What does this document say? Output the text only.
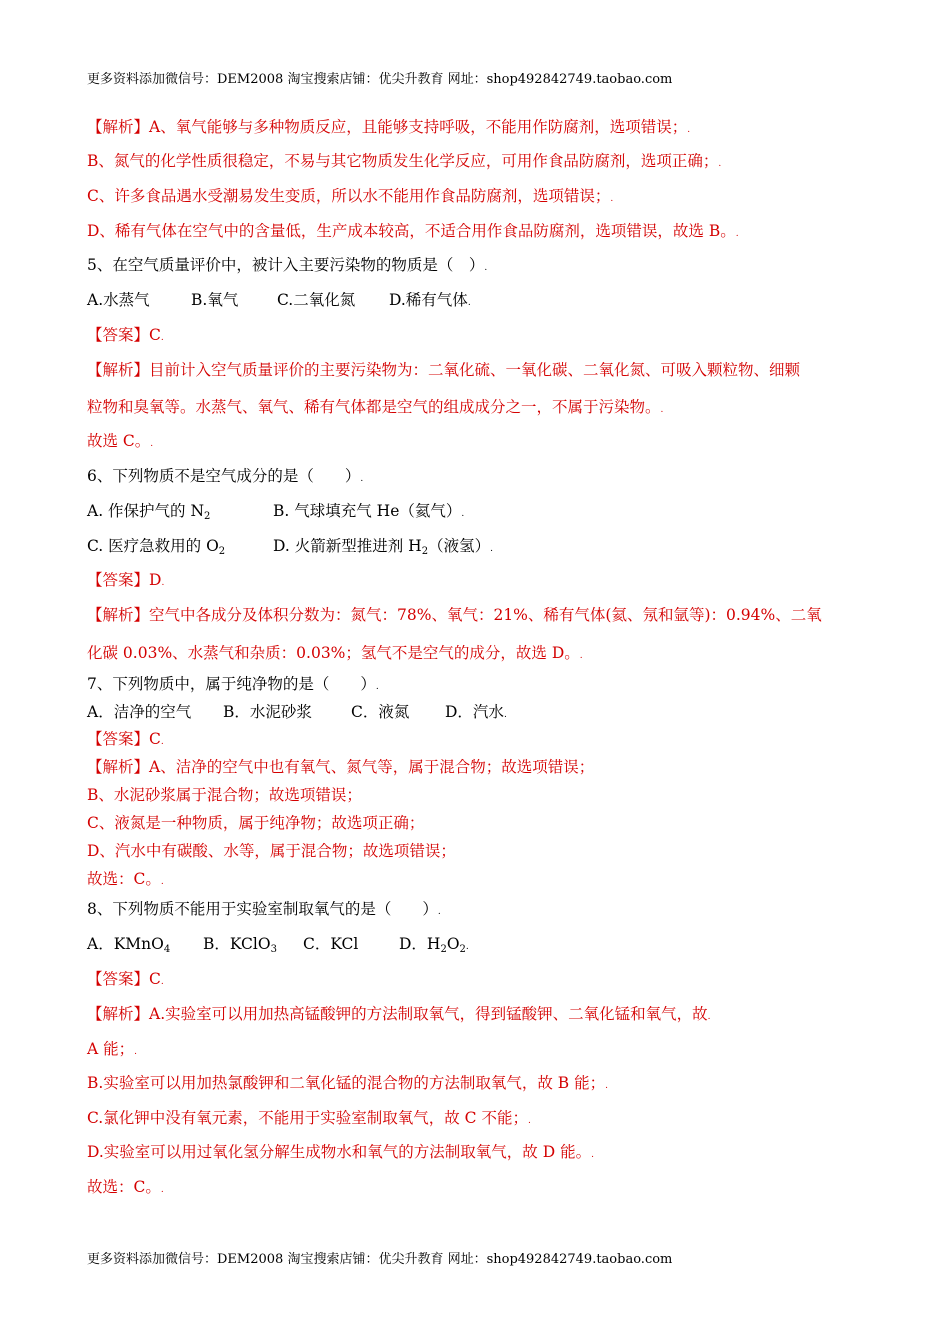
更多资料添加微信号：DEM2008 淘宝搜索店铺：优尖升教育 网址：shop492842749.taobao.com
【解析】A、氧气能够与多种物质反应，且能够支持呼吸，不能用作防腐剂，选项错误；.
B、氮气的化学性质很稳定，不易与其它物质发生化学反应，可用作食品防腐剂，选项正确；.
C、许多食品遇水受潮易发生变质，所以水不能用作食品防腐剂，选项错误；.
D、稀有气体在空气中的含量低，生产成本较高，不适合用作食品防腐剂，选项错误，故选 B。.
5、在空气质量评价中，被计入主要污染物的物质是（　）.
A.水蒸气	B.氧气 C.二氧化氮 D.稀有气体.
【答案】C.
【解析】目前计入空气质量评价的主要污染物为：二氧化硫、一氧化碳、二氧化氮、可吸入颗粒物、细颗
粒物和臭氧等。水蒸气、氧气、稀有气体都是空气的组成成分之一，不属于污染物。.
故选 C。.
6、下列物质不是空气成分的是（　　）.
A. 作保护气的 $N_2$	B. 气球填充气 He（氦气）.
C. 医疗急救用的 $O_2$	D. 火箭新型推进剂 $H_2$（液氢）.
【答案】D.
【解析】空气中各成分及体积分数为：氮气：78%、氧气：21%、稀有气体(氦、氖和氩等)：0.94%、二氧
化碳 0.03%、水蒸气和杂质：0.03%；氢气不是空气的成分，故选 D。.
7、下列物质中，属于纯净物的是（　　）.
A．洁净的空气 B．水泥砂浆	C．液氮 D．汽水.
【答案】C.
【解析】A、洁净的空气中也有氧气、氮气等，属于混合物；故选项错误；
B、水泥砂浆属于混合物；故选项错误；
C、液氮是一种物质，属于纯净物；故选项正确；
D、汽水中有碳酸、水等，属于混合物；故选项错误；
故选：C。.
8、下列物质不能用于实验室制取氧气的是（　　）.
A．KMnO$_4$ B．KClO$_3$ C．KCl	D．$H_2O_2$.
【答案】C.
【解析】A.实验室可以用加热高锰酸钾的方法制取氧气，得到锰酸钾、二氧化锰和氧气，故.
A 能；.
B.实验室可以用加热氯酸钾和二氧化锰的混合物的方法制取氧气，故 B 能；.
C.氯化钾中没有氧元素，不能用于实验室制取氧气，故 C 不能；.
D.实验室可以用过氧化氢分解生成物水和氧气的方法制取氧气，故 D 能。.
故选：C。.
更多资料添加微信号：DEM2008 淘宝搜索店铺：优尖升教育 网址：shop492842749.taobao.com
